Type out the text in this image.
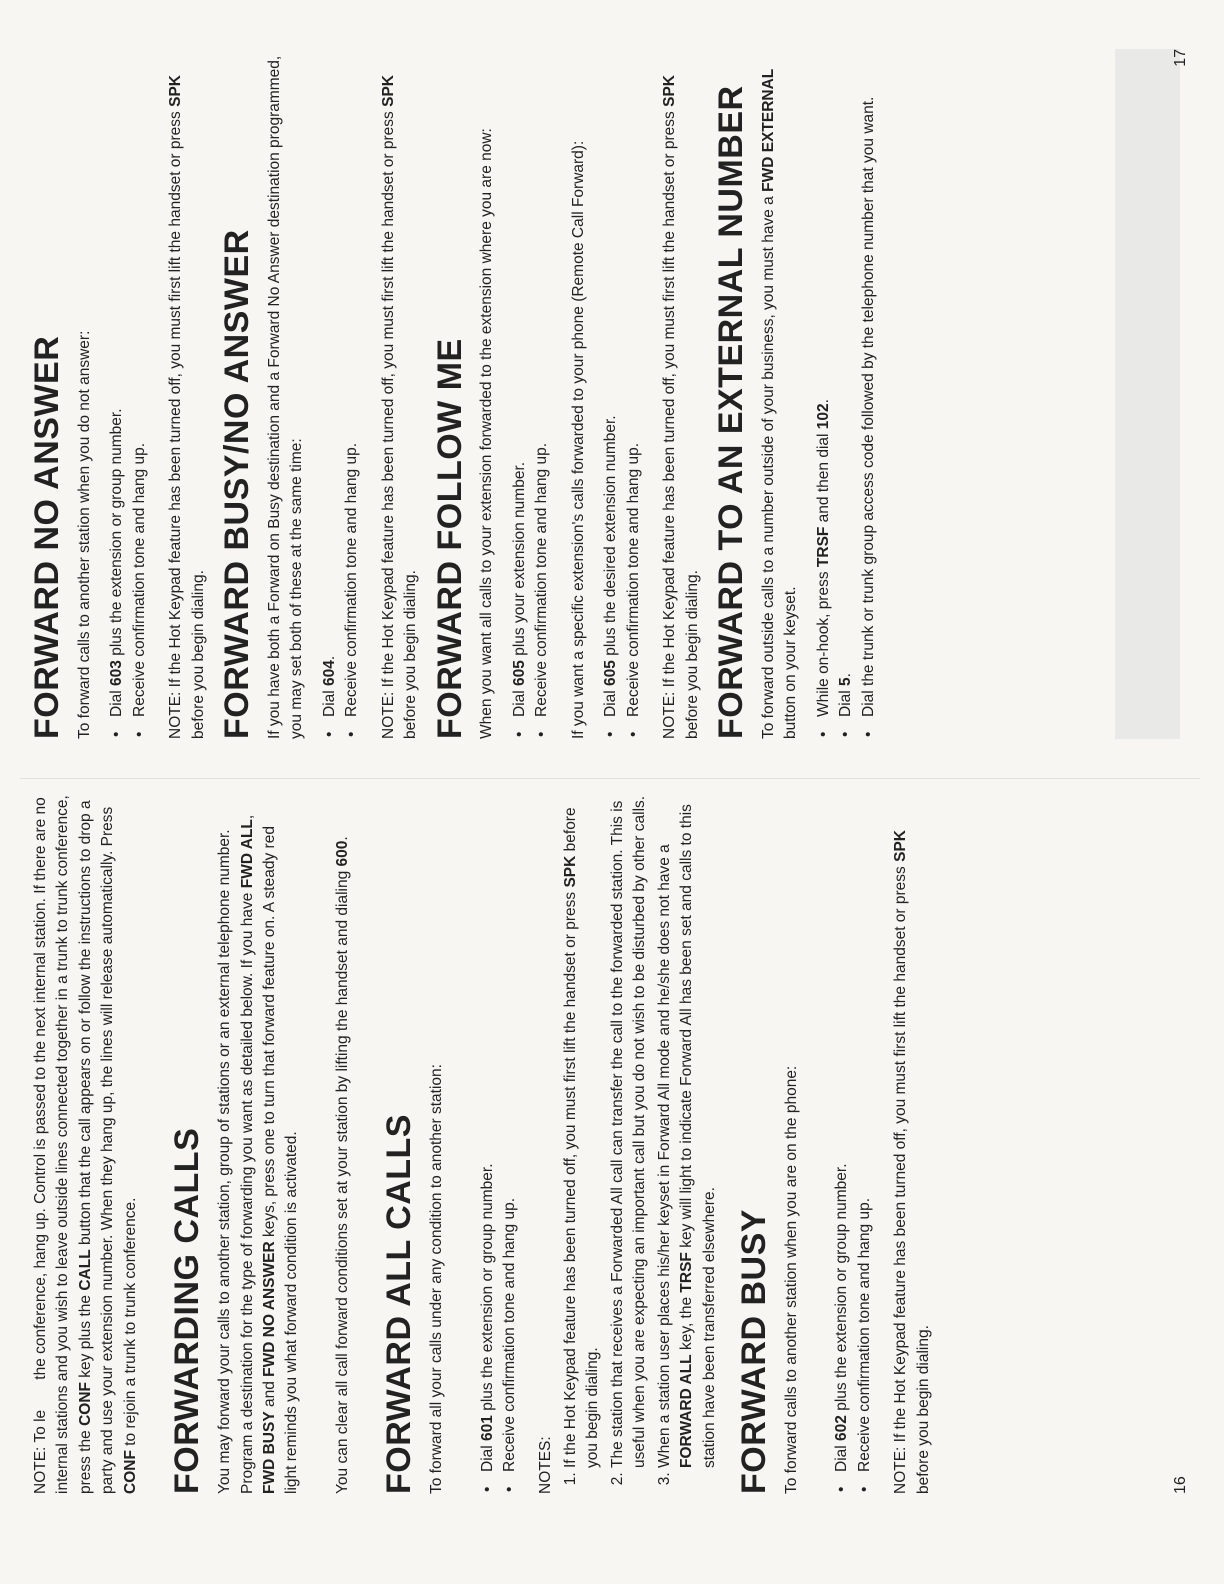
NOTE: To le       the conference, hang up. Control is passed to the next internal station. If there are no internal stations and you wish to leave outside lines connected together in a trunk to trunk conference, press the CONF key plus the CALL button that the call appears on or follow the instructions to drop a party and use your extension number. When they hang up, the lines will release automatically. Press CONF to rejoin a trunk to trunk conference. FORWARDING CALLS You may forward your calls to another station, group of stations or an external telephone number. Program a destination for the type of forwarding you want as detailed below. If you have FWD ALL, FWD BUSY and FWD NO ANSWER keys, press one to turn that forward feature on. A steady red light reminds you what forward condition is activated. You can clear all call forward conditions set at your station by lifting the handset and dialing 600.

FORWARD ALL CALLS To forward all your calls under any condition to another station: • Dial 601 plus the extension or group number. • Receive confirmation tone and hang up. NOTES: 1. If the Hot Keypad feature has been turned off, you must first lift the handset or press SPK before you begin dialing. 2. The station that receives a Forwarded All call can transfer the call to the forwarded station. This is useful when you are expecting an important call but you do not wish to be disturbed by other calls. 3. When a station user places his/her keyset in Forward All mode and he/she does not have a FORWARD ALL key, the TRSF key will light to indicate Forward All has been set and calls to this station have been transferred elsewhere. FORWARD BUSY To forward calls to another station when you are on the phone: • Dial 602 plus the extension or group number. • Receive confirmation tone and hang up. NOTE: If the Hot Keypad feature has been turned off, you must first lift the handset or press SPK before you begin dialing.	16
FORWARD NO ANSWER To forward calls to another station when you do not answer: • Dial 603 plus the extension or group number. • Receive confirmation tone and hang up. NOTE: If the Hot Keypad feature has been turned off, you must first lift the handset or press SPK before you begin dialing. FORWARD BUSY/NO ANSWER If you have both a Forward on Busy destination and a Forward No Answer destination programmed, you may set both of these at the same time: • Dial 604. • Receive confirmation tone and hang up. NOTE: If the Hot Keypad feature has been turned off, you must first lift the handset or press SPK before you begin dialing. FORWARD FOLLOW ME When you want all calls to your extension forwarded to the extension where you are now: • Dial 605 plus your extension number. • Receive confirmation tone and hang up. If you want a specific extension's calls forwarded to your phone (Remote Call Forward): • Dial 605 plus the desired extension number. • Receive confirmation tone and hang up. NOTE: If the Hot Keypad feature has been turned off, you must first lift the handset or press SPK before you begin dialing. FORWARD TO AN EXTERNAL NUMBER To forward outside calls to a number outside of your business, you must have a FWD EXTERNAL button on your keyset. • While on-hook, press TRSF and then dial 102.
• Dial 5. • Dial the trunk or trunk group access code followed by the telephone number that you want.
17
